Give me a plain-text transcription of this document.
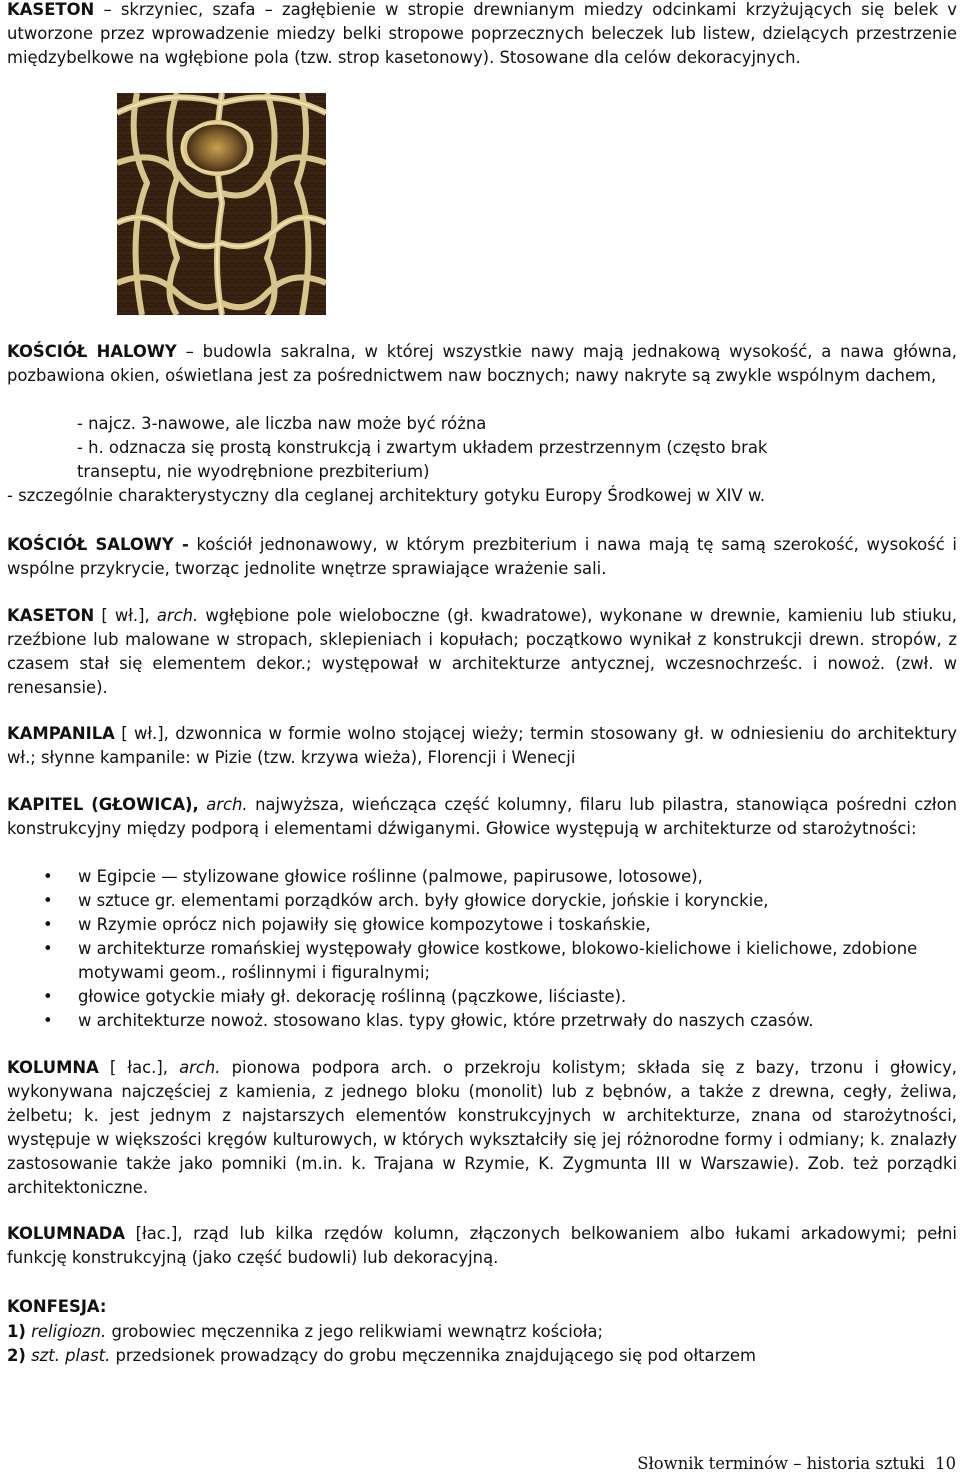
KASETON – skrzyniec, szafa – zagłębienie w stropie drewnianym miedzy odcinkami krzyżujących się belek v utworzone przez wprowadzenie miedzy belki stropowe poprzecznych beleczek lub listew, dzielących przestrzenie międzybelkowe na wgłębione pola (tzw. strop kasetonowy). Stosowane dla celów dekoracyjnych.

KOŚCIÓŁ HALOWY – budowla sakralna, w której wszystkie nawy mają jednakową wysokość, a nawa główna, pozbawiona okien, oświetlana jest za pośrednictwem naw bocznych; nawy nakryte są zwykle wspólnym dachem,

- najcz. 3-nawowe, ale liczba naw może być różna

- h. odznacza się prostą konstrukcją i zwartym układem przestrzennym (często brak

transeptu, nie wyodrębnione prezbiterium)

- szczególnie charakterystyczny dla ceglanej architektury gotyku Europy Środkowej w XIV w.

KOŚCIÓŁ SALOWY - kościół jednonawowy, w którym prezbiterium i nawa mają tę samą szerokość, wysokość i wspólne przykrycie, tworząc jednolite wnętrze sprawiające wrażenie sali.

KASETON [ wł.], arch. wgłębione pole wieloboczne (gł. kwadratowe), wykonane w drewnie, kamieniu lub stiuku, rzeźbione lub malowane w stropach, sklepieniach i kopułach; początkowo wynikał z konstrukcji drewn. stropów, z czasem stał się elementem dekor.; występował w architekturze antycznej, wczesnochrześc. i nowoż. (zwł. w renesansie).

KAMPANILA [ wł.], dzwonnica w formie wolno stojącej wieży; termin stosowany gł. w odniesieniu do architektury wł.; słynne kampanile: w Pizie (tzw. krzywa wieża), Florencji i Wenecji

KAPITEL (GŁOWICA), arch. najwyższa, wieńcząca część kolumny, filaru lub pilastra, stanowiąca pośredni człon konstrukcyjny między podporą i elementami dźwiganymi. Głowice występują w architekturze od starożytności:

• w Egipcie — stylizowane głowice roślinne (palmowe, papirusowe, lotosowe),
• w sztuce gr. elementami porządków arch. były głowice doryckie, jońskie i korynckie,
• w Rzymie oprócz nich pojawiły się głowice kompozytowe i toskańskie,
• w architekturze romańskiej występowały głowice kostkowe, blokowo-kielichowe i kielichowe, zdobione motywami geom., roślinnymi i figuralnymi;
• głowice gotyckie miały gł. dekorację roślinną (pączkowe, liściaste).
• w architekturze nowoż. stosowano klas. typy głowic, które przetrwały do naszych czasów.

KOLUMNA [ łac.], arch. pionowa podpora arch. o przekroju kolistym; składa się z bazy, trzonu i głowicy, wykonywana najczęściej z kamienia, z jednego bloku (monolit) lub z bębnów, a także z drewna, cegły, żeliwa, żelbetu; k. jest jednym z najstarszych elementów konstrukcyjnych w architekturze, znana od starożytności, występuje w większości kręgów kulturowych, w których wykształciły się jej różnorodne formy i odmiany; k. znalazły zastosowanie także jako pomniki (m.in. k. Trajana w Rzymie, K. Zygmunta III w Warszawie). Zob. też porządki architektoniczne.

KOLUMNADA [łac.], rząd lub kilka rzędów kolumn, złączonych belkowaniem albo łukami arkadowymi; pełni funkcję konstrukcyjną (jako część budowli) lub dekoracyjną.

KONFESJA:

1) religiozn. grobowiec męczennika z jego relikwiami wewnątrz kościoła;

2) szt. plast. przedsionek prowadzący do grobu męczennika znajdującego się pod ołtarzem

Słownik terminów – historia sztuki 10
